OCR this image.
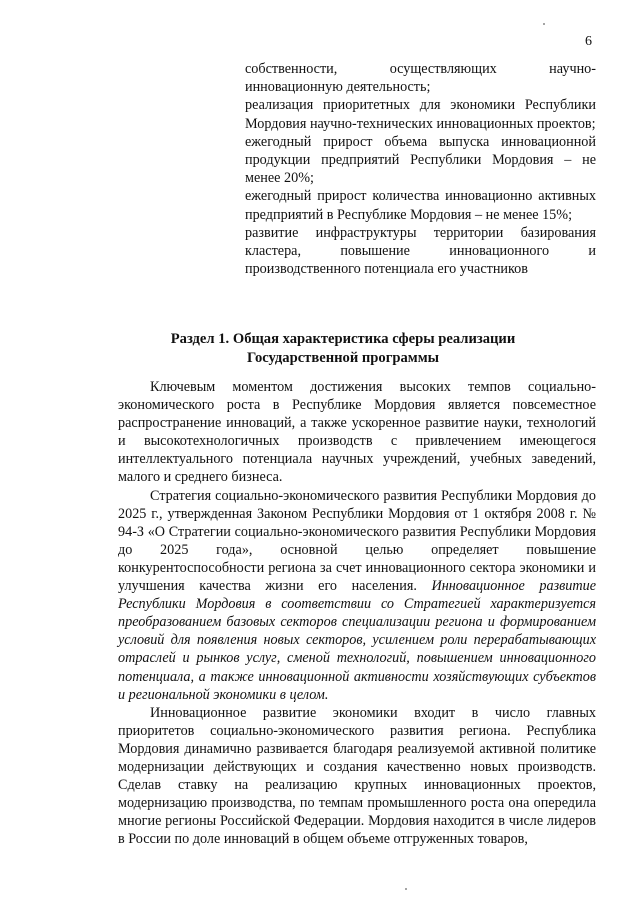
6
собственности, осуществляющих научно-инновационную деятельность;
реализация приоритетных для экономики Республики Мордовия научно-технических инновационных проектов;
ежегодный прирост объема выпуска инновационной продукции предприятий Республики Мордовия – не менее 20%;
ежегодный прирост количества инновационно активных предприятий в Республике Мордовия – не менее 15%;
развитие инфраструктуры территории базирования кластера, повышение инновационного и производственного потенциала его участников
Раздел 1. Общая характеристика сферы реализации
Государственной программы

Ключевым моментом достижения высоких темпов социально-экономического роста в Республике Мордовия является повсеместное распространение инноваций, а также ускоренное развитие науки, технологий и высокотехнологичных производств с привлечением имеющегося интеллектуального потенциала научных учреждений, учебных заведений, малого и среднего бизнеса.

Стратегия социально-экономического развития Республики Мордовия до 2025 г., утвержденная Законом Республики Мордовия от 1 октября 2008 г. № 94-З «О Стратегии социально-экономического развития Республики Мордовия до 2025 года», основной целью определяет повышение конкурентоспособности региона за счет инновационного сектора экономики и улучшения качества жизни его населения. Инновационное развитие Республики Мордовия в соответствии со Стратегией характеризуется преобразованием базовых секторов специализации региона и формированием условий для появления новых секторов, усилением роли перерабатывающих отраслей и рынков услуг, сменой технологий, повышением инновационного потенциала, а также инновационной активности хозяйствующих субъектов и региональной экономики в целом.

Инновационное развитие экономики входит в число главных приоритетов социально-экономического развития региона. Республика Мордовия динамично развивается благодаря реализуемой активной политике модернизации действующих и создания качественно новых производств. Сделав ставку на реализацию крупных инновационных проектов, модернизацию производства, по темпам промышленного роста она опередила многие регионы Российской Федерации. Мордовия находится в числе лидеров в России по доле инноваций в общем объеме отгруженных товаров,
